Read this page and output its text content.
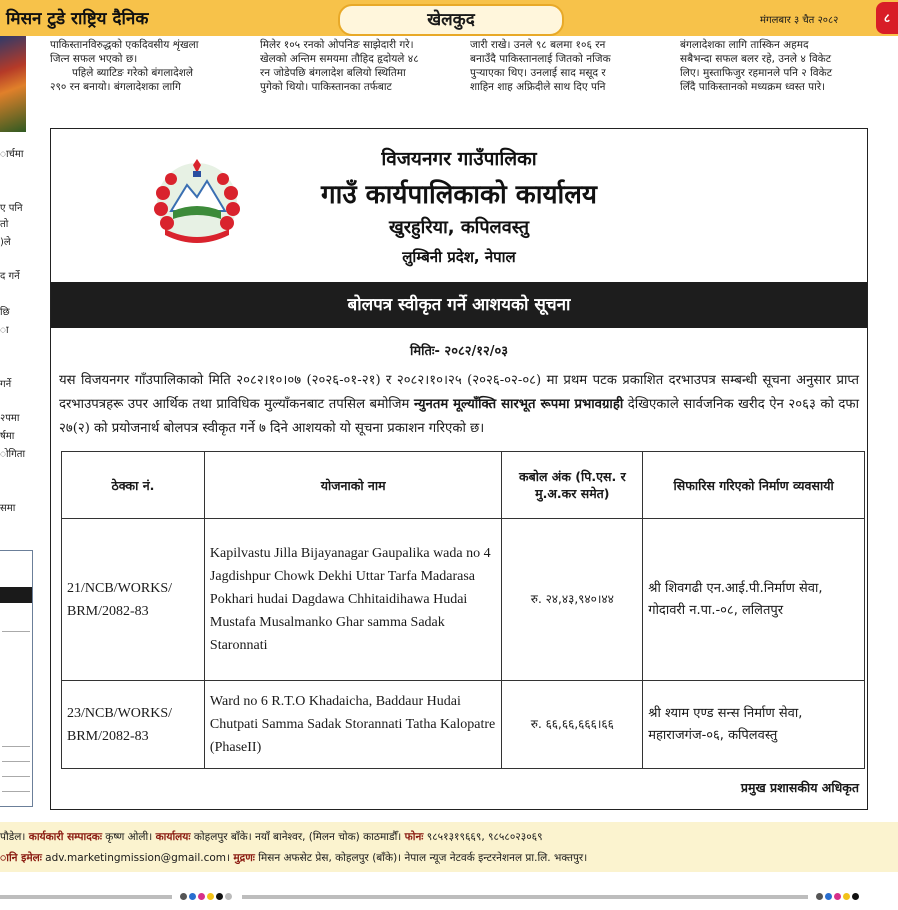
मिसन टुडे राष्ट्रिय दैनिक	खेलकुद	मंगलबार ३ चैत २०८२	८
ार्चमा
ए पनि
तो
)ले
द गर्ने
छि
ा
गर्ने
२पमा
र्षमा
ोगिता
समा
पाकिस्तानविरुद्धको एकदिवसीय शृंखला
जित्न सफल भएको छ।
पहिले ब्याटिङ गरेको बंगलादेशले
२९० रन बनायो। बंगलादेशका लागि
मिलेर १०५ रनको ओपनिङ साझेदारी गरे।
खेलको अन्तिम समयमा तौहिद हृदोयले ४८
रन जोडेपछि बंगलादेश बलियो स्थितिमा
पुगेको थियो। पाकिस्तानका तर्फबाट
जारी राखे। उनले ९८ बलमा १०६ रन
बनाउँदै पाकिस्तानलाई जितको नजिक
पुऱ्याएका थिए। उनलाई साद मसूद र
शाहिन शाह अफ्रिदीले साथ दिए पनि
बंगलादेशका लागि तास्किन अहमद
सबैभन्दा सफल बलर रहे, उनले ४ विकेट
लिए। मुस्ताफिजुर रहमानले पनि २ विकेट
लिँदै पाकिस्तानको मध्यक्रम ध्वस्त पारे।
विजयनगर गाउँपालिका
गाउँ कार्यपालिकाको कार्यालय
खुरहुरिया, कपिलवस्तु
लुम्बिनी प्रदेश, नेपाल
बोलपत्र स्वीकृत गर्ने आशयको सूचना
मितिः- २०८२/१२/०३
यस विजयनगर गाँउपालिकाको मिति २०८२।१०।०७ (२०२६-०१-२१) र २०८२।१०।२५ (२०२६-०२-०८) मा प्रथम पटक प्रकाशित दरभाउपत्र सम्बन्धी सूचना अनुसार प्राप्त दरभाउपत्रहरू उपर आर्थिक तथा प्राविधिक मुल्याँकनबाट तपसिल बमोजिम न्युनतम मूल्याँक्ति सारभूत रूपमा प्रभावग्राही देखिएकाले सार्वजनिक खरीद ऐन २०६३ को दफा २७(२) को प्रयोजनार्थ बोलपत्र स्वीकृत गर्ने ७ दिने आशयको यो सूचना प्रकाशन गरिएको छ।
ठेक्का नं.	योजनाको नाम	कबोल अंक (पि.एस. र मु.अ.कर समेत)	सिफारिस गरिएको निर्माण व्यवसायी
21/NCB/WORKS/ BRM/2082-83	Kapilvastu Jilla Bijayanagar Gaupalika wada no 4 Jagdishpur Chowk Dekhi Uttar Tarfa Madarasa Pokhari hudai Dagdawa Chhitaidihawa Hudai Mustafa Musalmanko Ghar samma Sadak Staronnati	रु. २४,४३,९४०।४४	श्री शिवगढी एन.आई.पी.निर्माण सेवा, गोदावरी न.पा.-०८, ललितपुर
23/NCB/WORKS/ BRM/2082-83	Ward no 6 R.T.O Khadaicha, Baddaur Hudai Chutpati Samma Sadak Storannati Tatha Kalopatre (PhaseII)	रु. ६६,६६,६६६।६६	श्री श्याम एण्ड सन्स निर्माण सेवा, महाराजगंज-०६, कपिलवस्तु
प्रमुख प्रशासकीय अधिकृत
पौडेल। कार्यकारी सम्पादकः कृष्ण ओली। कार्यालयः कोहलपुर बाँके। नयाँ बानेश्वर, (मिलन चोक) काठमाडौँ। फोनः ९८५१३१९६६९, ९८५८०२३०६९
ानि इमेलः adv.marketingmission@gmail.com। मुद्रणः मिसन अफसेट प्रेस, कोहलपुर (बाँके)। नेपाल न्यूज नेटवर्क इन्टरनेशनल प्रा.लि. भक्तपुर।
